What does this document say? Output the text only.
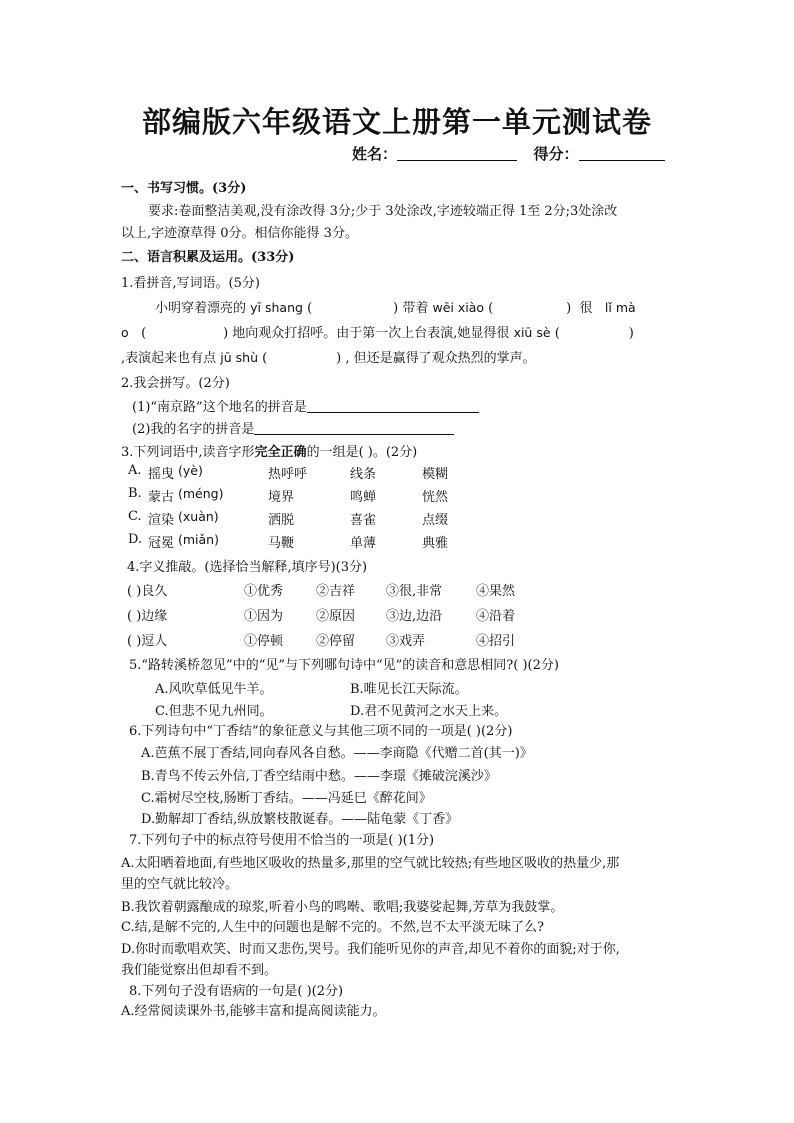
部编版六年级语文上册第一单元测试卷
姓名：	得分：
一、书写习惯。(3分)
要求:卷面整洁美观,没有涂改得 3分;少于 3处涂改,字迹较端正得 1至 2分;3处涂改
以上,字迹潦草得 0分。相信你能得 3分。
二、语言积累及运用。(33分)
1.看拼音,写词语。(5分)
小明穿着漂亮的 yī shang (	) 带着 wēi xiào (	)  很 lǐ mà
o (	) 地向观众打招呼。由于第一次上台表演,她显得很 xiū sè (	)
,表演起来也有点 jū shù (	) , 但还是赢得了观众热烈的掌声。
2.我会拼写。(2分)
(1)“南京路”这个地名的拼音是
(2)我的名字的拼音是
3.下列词语中,读音字形完全正确的一组是( )。(2分)
A. 摇曳 (yè)	热呼呼	线条	模糊
B. 蒙古 (méng)	境界	鸣蝉	恍然
C. 渲染 (xuàn)	洒脱	喜雀	点缀
D. 冠冕 (miǎn)	马鞭	单薄	典雅
4.字义推敲。(选择恰当解释,填序号)(3分)
( )良久	①优秀	②吉祥 ③很,非常	④果然
( )边缘	①因为	②原因 ③边,边沿	④沿着
( )逗人	①停顿	②停留 ③戏弄	④招引
5.“路转溪桥忽见”中的“见”与下列哪句诗中“见”的读音和意思相同?( )(2分)
A.风吹草低见牛羊。	B.唯见长江天际流。
C.但悲不见九州同。	D.君不见黄河之水天上来。
6.下列诗句中“丁香结”的象征意义与其他三项不同的一项是( )(2分)
A.芭蕉不展丁香结,同向春风各自愁。——李商隐《代赠二首(其一)》
B.青鸟不传云外信,丁香空结雨中愁。——李璟《摊破浣溪沙》
C.霜树尽空枝,肠断丁香结。——冯延巳《醉花间》
D.勤解却丁香结,纵放繁枝散诞春。——陆龟蒙《丁香》
7.下列句子中的标点符号使用不恰当的一项是( )(1分)
A.太阳晒着地面,有些地区吸收的热量多,那里的空气就比较热;有些地区吸收的热量少,那
里的空气就比较冷。
B.我饮着朝露酿成的琼浆,听着小鸟的鸣啭、歌唱;我婆娑起舞,芳草为我鼓掌。
C.结,是解不完的,人生中的问题也是解不完的。不然,岂不太平淡无味了么?
D.你时而歌唱欢笑、时而又悲伤,哭号。我们能听见你的声音,却见不着你的面貌;对于你,
我们能觉察出但却看不到。
8.下列句子没有语病的一句是( )(2分)
A.经常阅读课外书,能够丰富和提高阅读能力。
